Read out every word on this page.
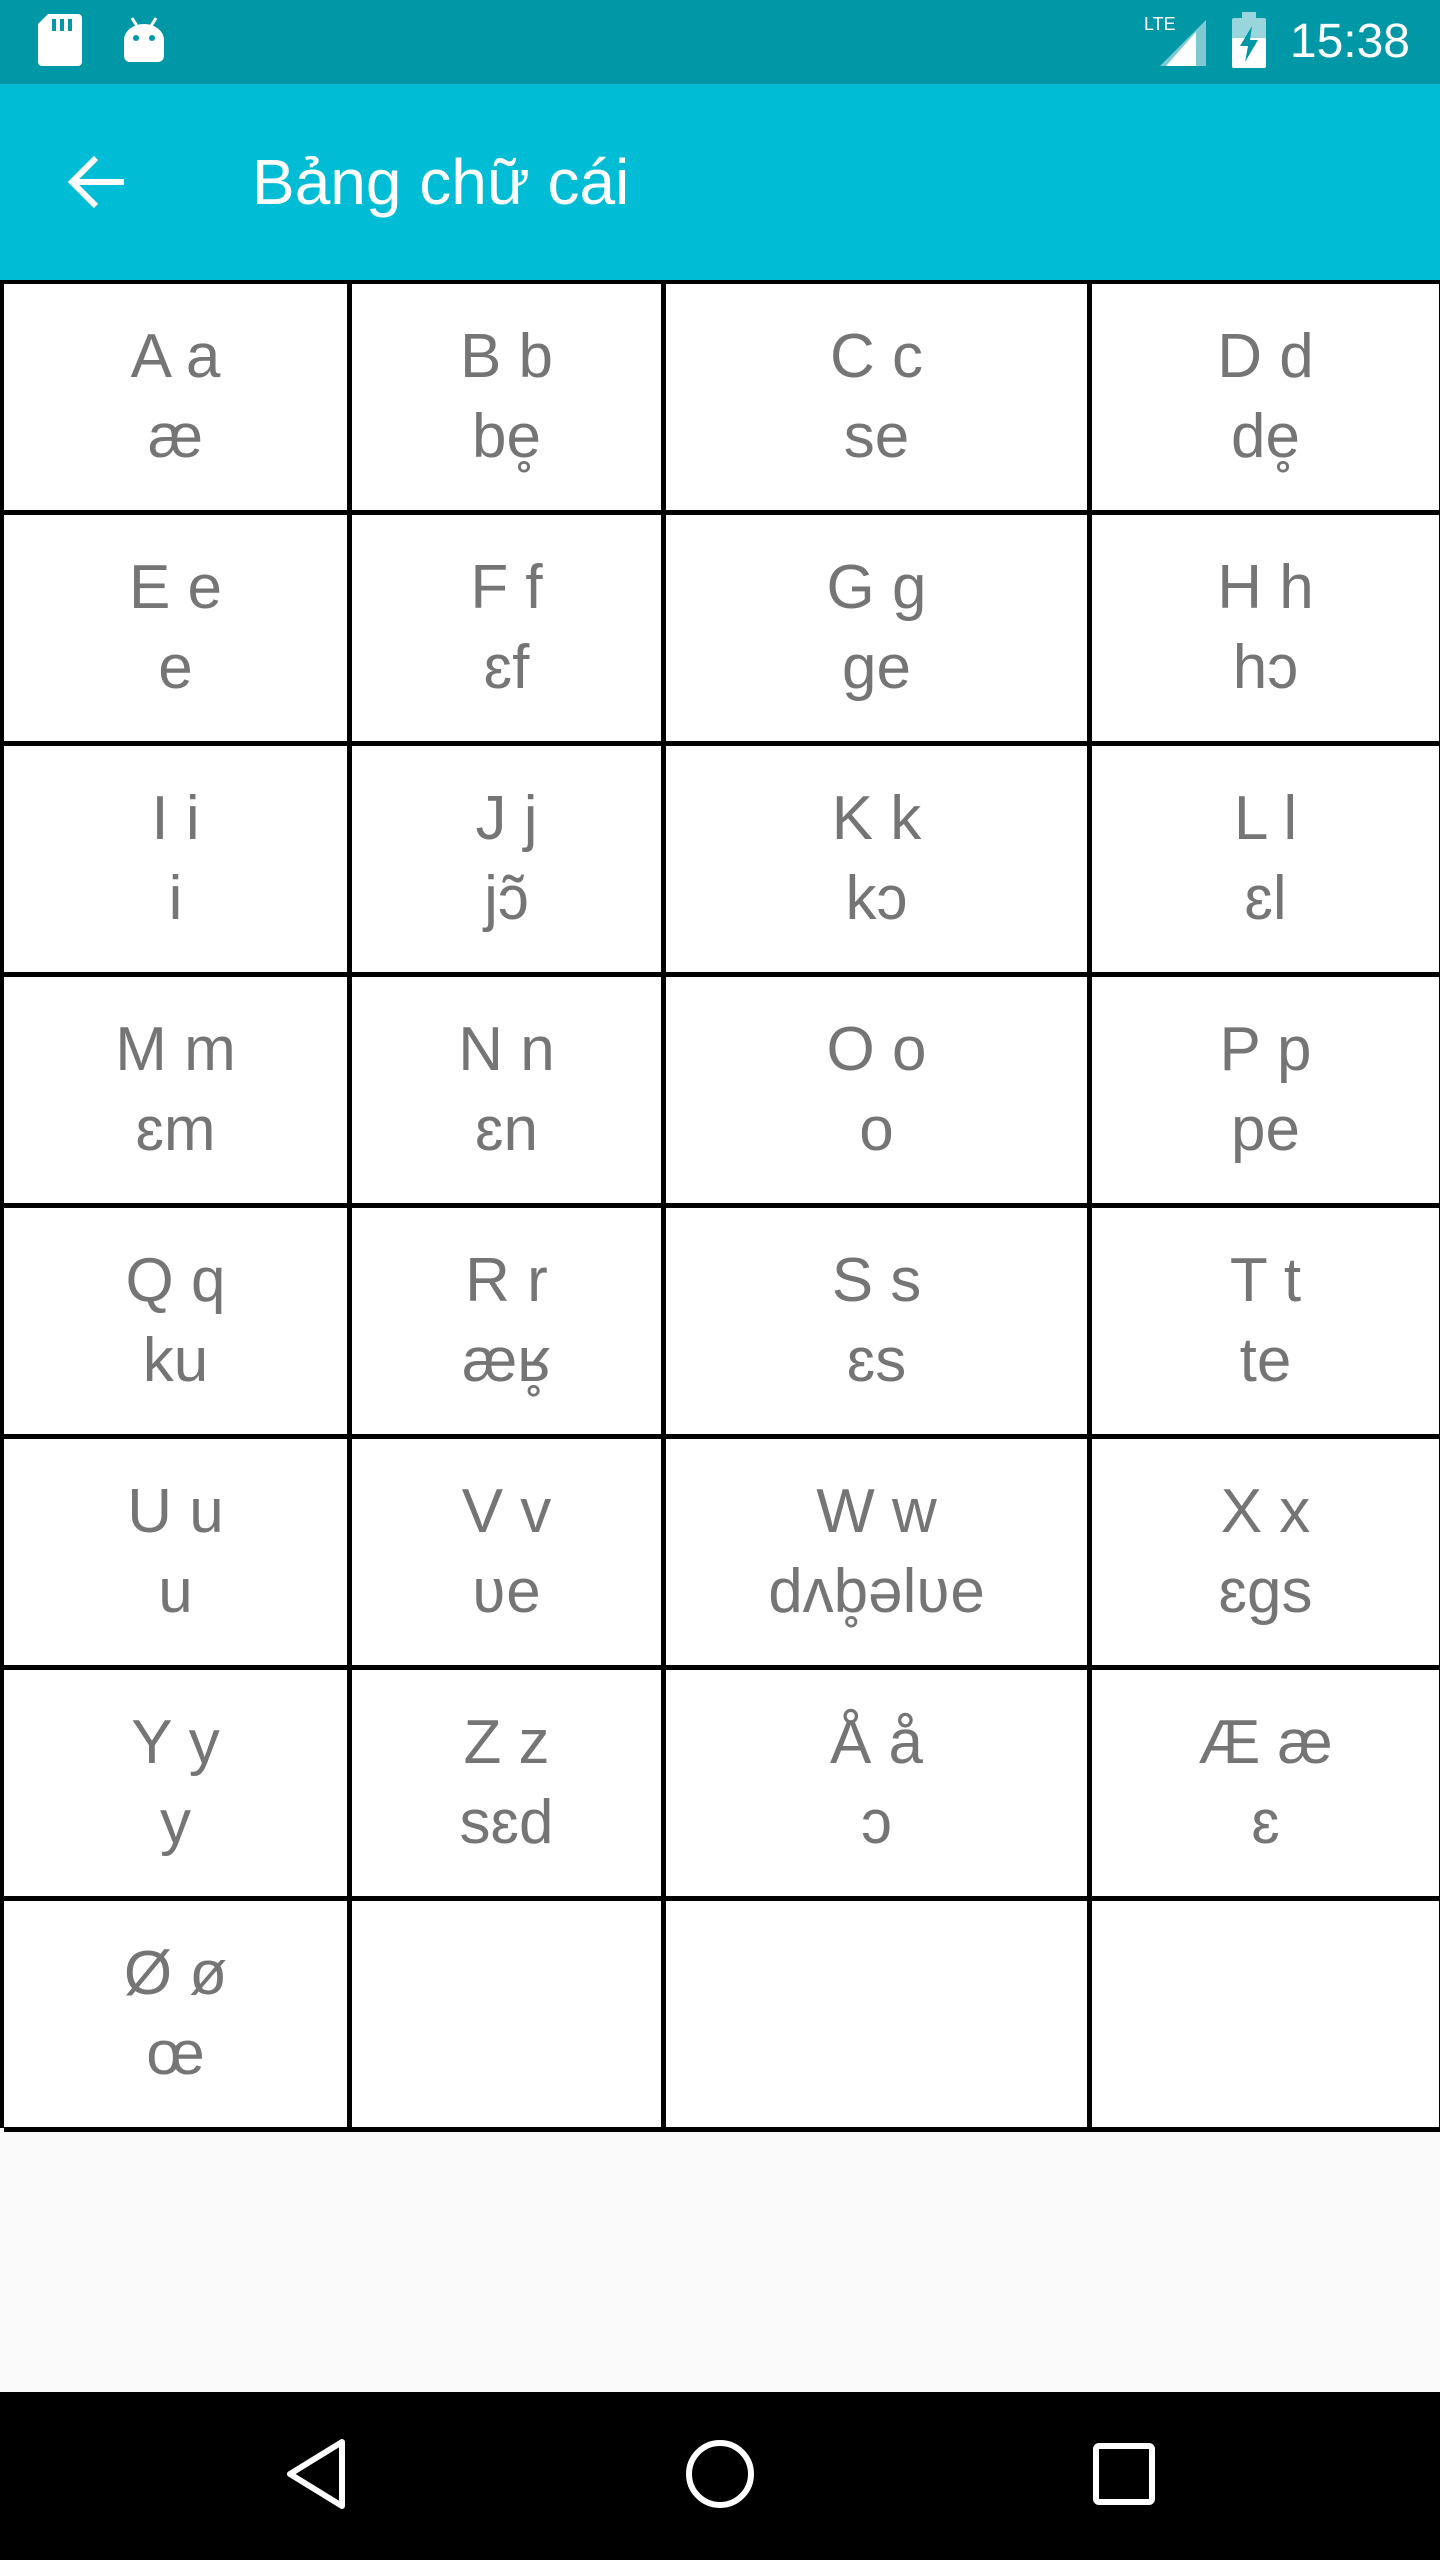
LTE 15:38
Bảng chữ cái
A a
æ
B b
be̥
C c
se
D d
de̥
E e
e
F f
ɛf
G g
ge
H h
hɔ
I i
i
J j
jɔ̃
K k
kɔ
L l
ɛl
M m
ɛm
N n
ɛn
O o
o
P p
pe
Q q
ku
R r
æʁ̥
S s
ɛs
T t
te
U u
u
V v
ʋe
W w
dʌb̥əlʋe
X x
ɛgs
Y y
y
Z z
sɛd
Å å
ɔ
Æ æ
ɛ
Ø ø
œ
